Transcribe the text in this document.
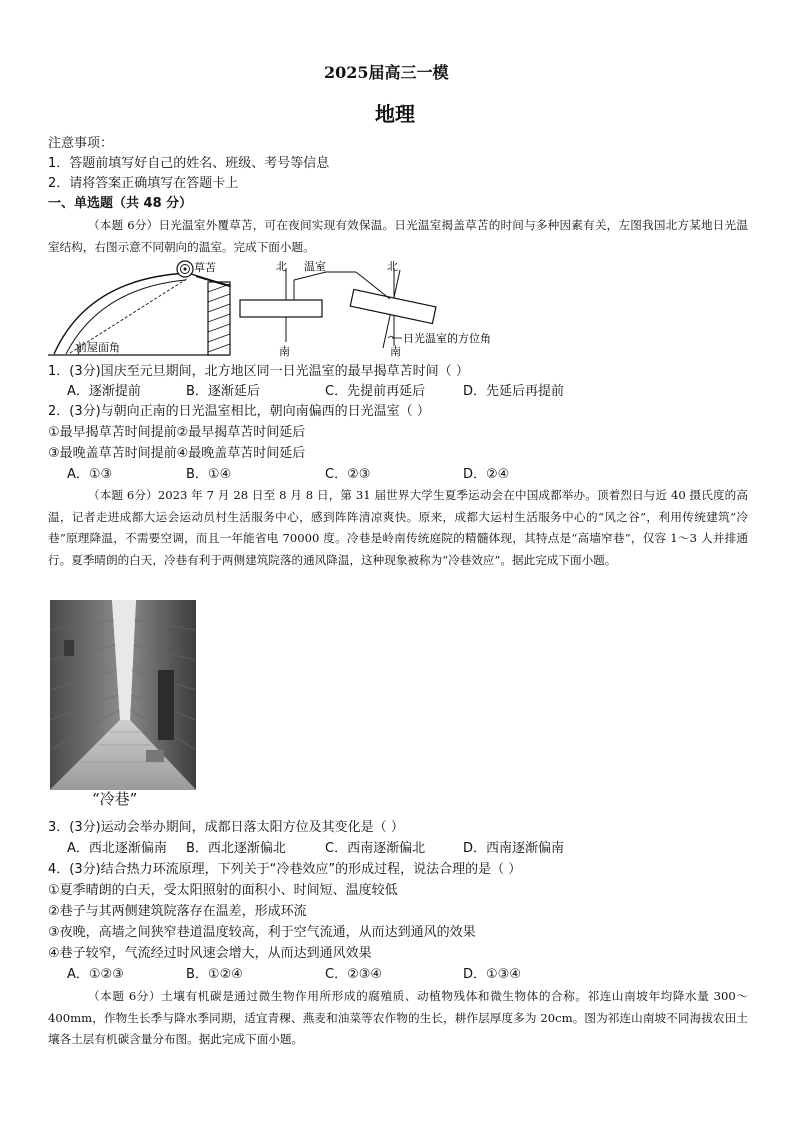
2025届高三一模
地理
注意事项：
1．答题前填写好自己的姓名、班级、考号等信息
2．请将答案正确填写在答题卡上
一、单选题（共 48 分）
（本题 6分）日光温室外覆草苫，可在夜间实现有效保温。日光温室揭盖草苫的时间与多种因素有关，左图我国北方某地日光温室结构，右图示意不同朝向的温室。完成下面小题。
草苫
前屋面角
北
南
温室	北
南
日光温室的方位角
1．(3分)国庆至元旦期间，北方地区同一日光温室的最早揭草苫时间（ ）
A．逐渐提前	B．逐渐延后	C．先提前再延后	D．先延后再提前
2．(3分)与朝向正南的日光温室相比，朝向南偏西的日光温室（ ）
①最早揭草苫时间提前②最早揭草苫时间延后
③最晚盖草苫时间提前④最晚盖草苫时间延后
A．①③	B．①④	C．②③	D．②④
（本题 6分）2023 年 7 月 28 日至 8 月 8 日，第 31 届世界大学生夏季运动会在中国成都举办。顶着烈日与近 40 摄氏度的高温，记者走进成都大运会运动员村生活服务中心，感到阵阵清凉爽快。原来，成都大运村生活服务中心的“风之谷”，利用传统建筑“冷巷”原理降温，不需要空调，而且一年能省电 70000 度。冷巷是岭南传统庭院的精髓体现，其特点是“高墙窄巷”，仅容 1～3 人并排通行。夏季晴朗的白天，冷巷有利于两侧建筑院落的通风降温，这种现象被称为“冷巷效应”。据此完成下面小题。
“冷巷”
3．(3分)运动会举办期间，成都日落太阳方位及其变化是（ ）
A．西北逐渐偏南 B．西北逐渐偏北	C．西南逐渐偏北	D．西南逐渐偏南
4．(3分)结合热力环流原理，下列关于“冷巷效应”的形成过程，说法合理的是（ ）
①夏季晴朗的白天，受太阳照射的面积小、时间短、温度较低
②巷子与其两侧建筑院落存在温差，形成环流
③夜晚，高墙之间狭窄巷道温度较高，利于空气流通，从而达到通风的效果
④巷子较窄，气流经过时风速会增大，从而达到通风效果
A．①②③	B．①②④	C．②③④	D．①③④
（本题 6分）土壤有机碳是通过微生物作用所形成的腐殖质、动植物残体和微生物体的合称。祁连山南坡年均降水量 300～400mm，作物生长季与降水季同期，适宜青稞、燕麦和油菜等农作物的生长，耕作层厚度多为 20cm。图为祁连山南坡不同海拔农田土壤各土层有机碳含量分布图。据此完成下面小题。
